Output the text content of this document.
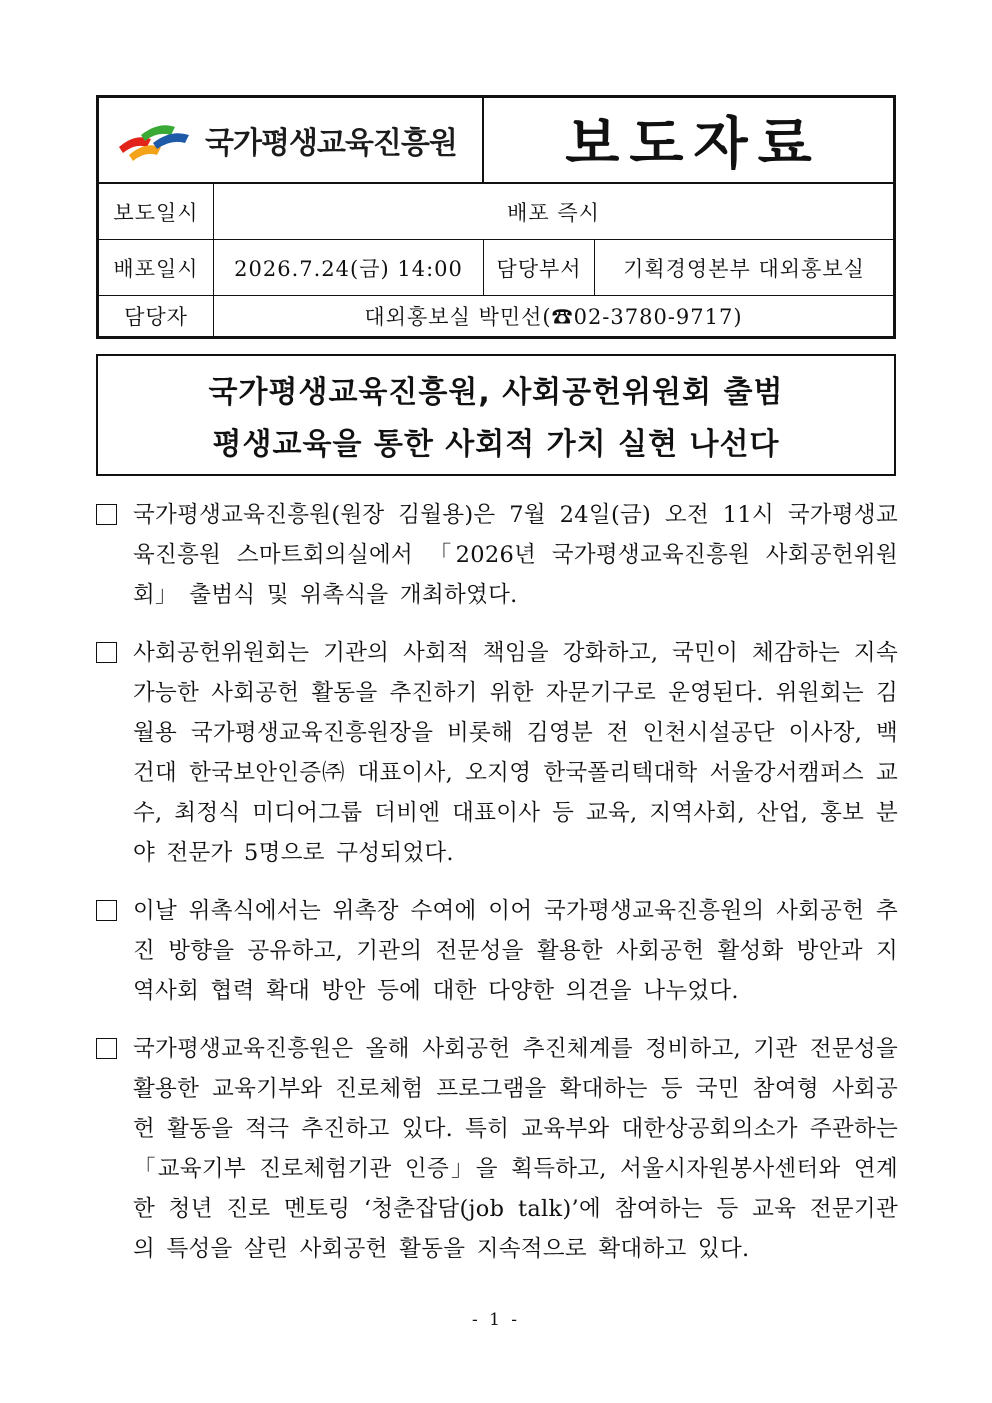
국가평생교육진흥원	보도자료
보도일시	배포 즉시
배포일시	2026.7.24(금) 14:00	담당부서	기획경영본부 대외홍보실
담당자	대외홍보실 박민선(☎02-3780-9717)
국가평생교육진흥원, 사회공헌위원회 출범
평생교육을 통한 사회적 가치 실현 나선다
국가평생교육진흥원(원장 김월용)은 7월 24일(금) 오전 11시 국가평생교육진흥원 스마트회의실에서 「2026년 국가평생교육진흥원 사회공헌위원회」 출범식 및 위촉식을 개최하였다.
사회공헌위원회는 기관의 사회적 책임을 강화하고, 국민이 체감하는 지속 가능한 사회공헌 활동을 추진하기 위한 자문기구로 운영된다. 위원회는 김월용 국가평생교육진흥원장을 비롯해 김영분 전 인천시설공단 이사장, 백건대 한국보안인증㈜ 대표이사, 오지영 한국폴리텍대학 서울강서캠퍼스 교수, 최정식 미디어그룹 더비엔 대표이사 등 교육, 지역사회, 산업, 홍보 분야 전문가 5명으로 구성되었다.
이날 위촉식에서는 위촉장 수여에 이어 국가평생교육진흥원의 사회공헌 추진 방향을 공유하고, 기관의 전문성을 활용한 사회공헌 활성화 방안과 지역사회 협력 확대 방안 등에 대한 다양한 의견을 나누었다.
국가평생교육진흥원은 올해 사회공헌 추진체계를 정비하고, 기관 전문성을 활용한 교육기부와 진로체험 프로그램을 확대하는 등 국민 참여형 사회공헌 활동을 적극 추진하고 있다. 특히 교육부와 대한상공회의소가 주관하는 「교육기부 진로체험기관 인증」을 획득하고, 서울시자원봉사센터와 연계한 청년 진로 멘토링 ‘청춘잡담(job talk)’에 참여하는 등 교육 전문기관의 특성을 살린 사회공헌 활동을 지속적으로 확대하고 있다.
- 1 -
